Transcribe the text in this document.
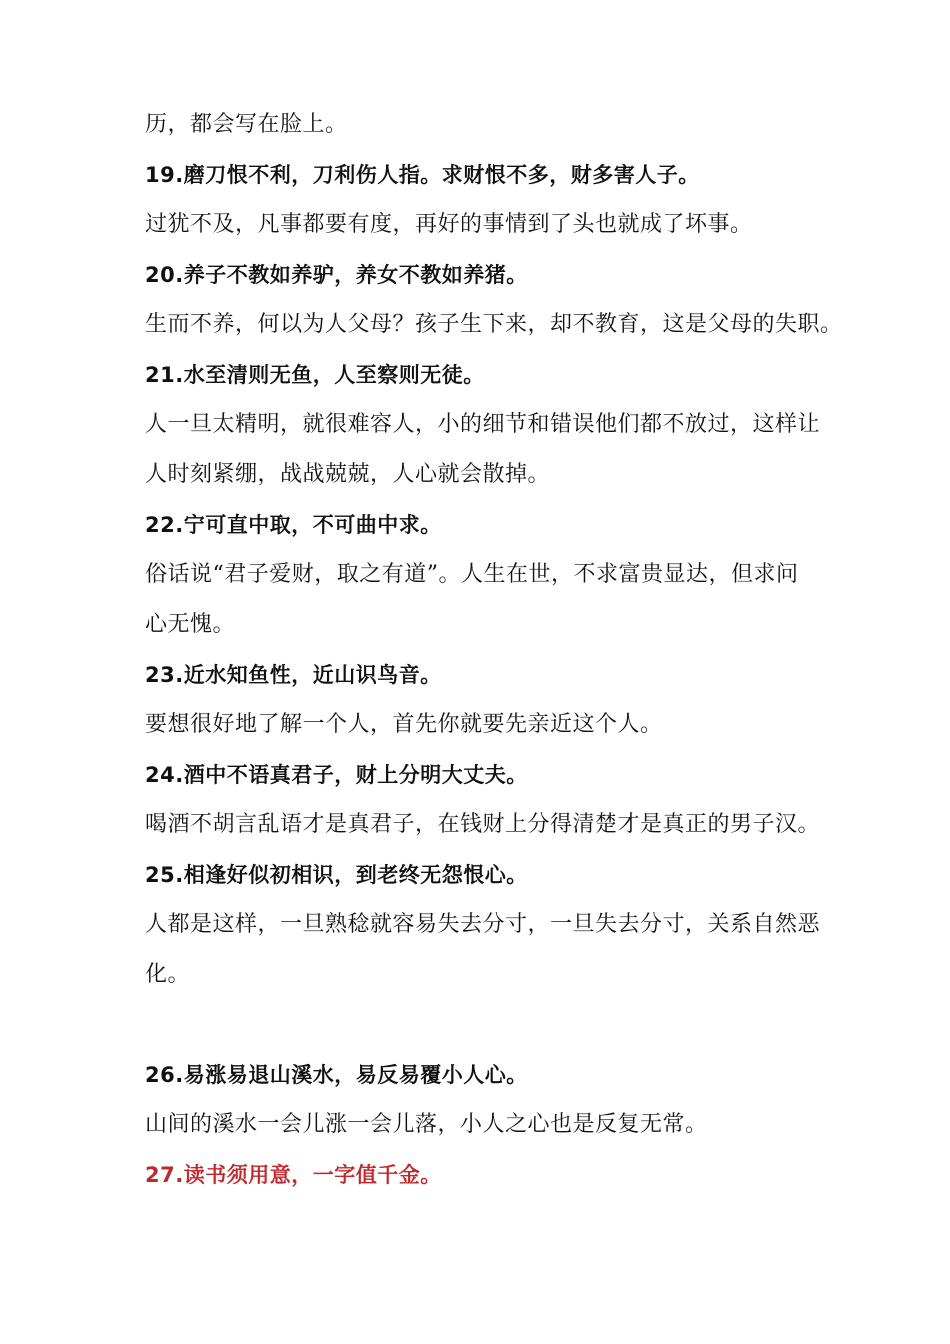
历，都会写在脸上。
19.磨刀恨不利，刀利伤人指。求财恨不多，财多害人子。
过犹不及，凡事都要有度，再好的事情到了头也就成了坏事。
20.养子不教如养驴，养女不教如养猪。
生而不养，何以为人父母？孩子生下来，却不教育，这是父母的失职。
21.水至清则无鱼，人至察则无徒。
人一旦太精明，就很难容人，小的细节和错误他们都不放过，这样让
人时刻紧绷，战战兢兢，人心就会散掉。
22.宁可直中取，不可曲中求。
俗话说“君子爱财，取之有道”。人生在世，不求富贵显达，但求问
心无愧。
23.近水知鱼性，近山识鸟音。
要想很好地了解一个人，首先你就要先亲近这个人。
24.酒中不语真君子，财上分明大丈夫。
喝酒不胡言乱语才是真君子，在钱财上分得清楚才是真正的男子汉。
25.相逢好似初相识，到老终无怨恨心。
人都是这样，一旦熟稔就容易失去分寸，一旦失去分寸，关系自然恶
化。
26.易涨易退山溪水，易反易覆小人心。
山间的溪水一会儿涨一会儿落，小人之心也是反复无常。
27.读书须用意，一字值千金。
